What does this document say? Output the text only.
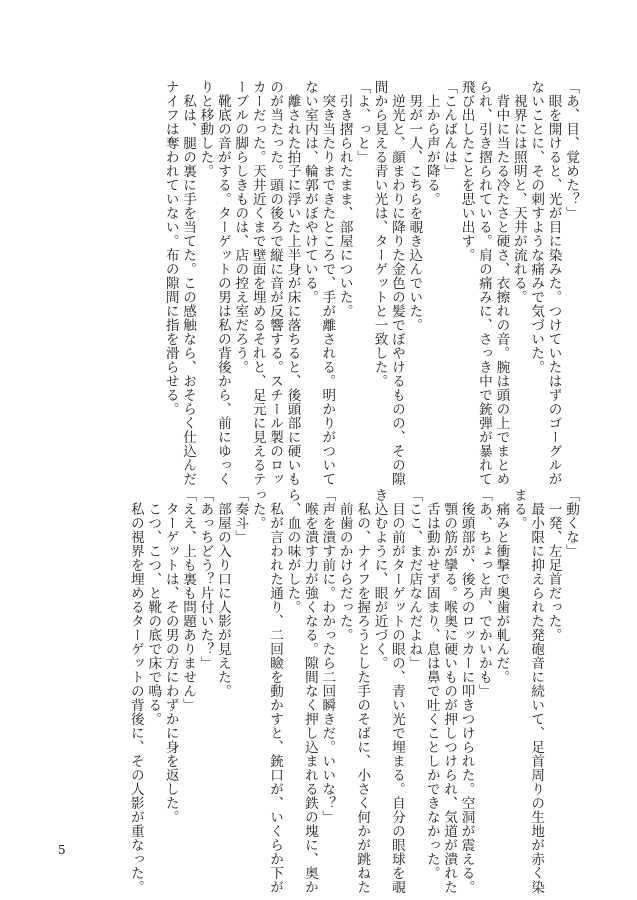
「あ、目、覚めた？」
　眼を開けると、光が目に染みた。つけていたはずのゴーグルが
ないことに、その刺すような痛みで気づいた。
　視界には照明と、天井が流れる。
　背中に当たる冷たさと硬さ、衣擦れの音。腕は頭の上でまとめ
られ、引き摺られている。肩の痛みに、さっき中で銃弾が暴れて
飛び出したことを思い出す。
「こんばんは」
　上から声が降る。
　男が一人、こちらを覗き込んでいた。
　逆光と、顔まわりに降りた金色の髪でぼやけるものの、その隙
間から見える青い光は、ターゲットと一致した。
「よ、っと」
　引き摺られたまま、部屋についた。
　突き当たりまできたところで、手が離される。明かりがついて
ない室内は、輪郭がぼやけている。
　離された拍子に浮いた上半身が床に落ちると、後頭部に硬いも
のが当たった。頭の後ろで縦に音が反響する。スチール製のロッ
カーだった。天井近くまで壁面を埋めるそれと、足元に見えるテ
ーブルの脚らしきものは、店の控え室だろう。
　靴底の音がする。ターゲットの男は私の背後から、前にゆっく
りと移動した。
　私は、腿の裏に手を当てた。この感触なら、おそらく仕込んだ
ナイフは奪われていない。布の隙間に指を滑らせる。
「動くな」
　一発、左足首だった。
　最小限に抑えられた発砲音に続いて、足首周りの生地が赤く染
まる。
　痛みと衝撃で奥歯が軋んだ。
「あ、ちょっと声、でかいかも」
　後頭部が、後ろのロッカーに叩きつけられた。空洞が震える。
　顎の筋が攣る。喉奥に硬いものが押しつけられ、気道が潰れた
　舌は動かせず固まり、息は鼻で吐くことしかできなかった。
「ここ、まだ店なんだよね」
　目の前がターゲットの眼の、青い光で埋まる。自分の眼球を覗
き込むように、眼が近づく。
　私の、ナイフを握ろうとした手のそばに、小さく何かが跳ねた
　前歯のかけらだった。
「声を潰す前に。わかったら二回瞬きだ。いいな？」
　喉を潰す力が強くなる。隙間なく押し込まれる鉄の塊に、奥か
ら、血の味がした。
　私が言われた通り、二回瞼を動かすと、銃口が、いくらか下が
った。
「奏斗」
　部屋の入り口に人影が見えた。
「あっちどう？片付いた？」
「ええ、上も裏も問題ありません」
　ターゲットは、その男の方にわずかに身を返した。
　こつ、こつ、と靴の底で床で鳴る。
　私の視界を埋めるターゲットの背後に、その人影が重なった。
5
